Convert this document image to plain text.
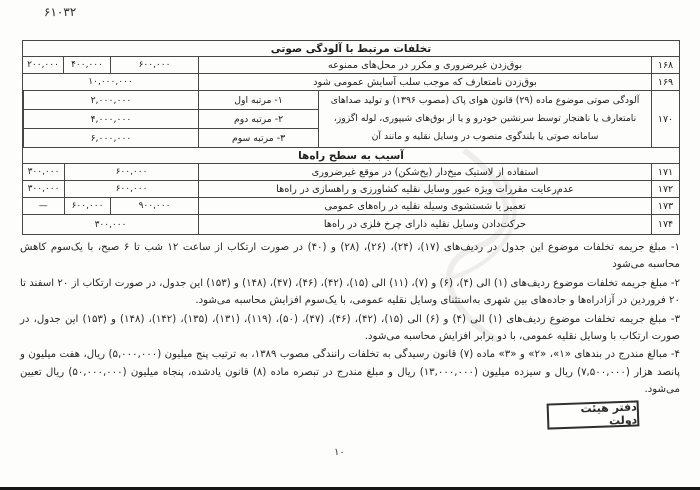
۶۱۰۳۲
تخلفات مرتبط با آلودگی صوتی
۱۶۸
بوق‌زدن غیرضروری و مکرر در محل‌های ممنوعه
۶۰۰,۰۰۰
۴۰۰,۰۰۰
۲۰۰,۰۰۰
۱۶۹
بوق‌زدن نامتعارف که موجب سلب آسایش عمومی شود
۱۰,۰۰۰,۰۰۰
۱۷۰
آلودگی صوتی موضوع ماده (۲۹) قانون هوای پاک (مصوب ۱۳۹۶) و تولید صداهای نامتعارف یا ناهنجار توسط سرنشین خودرو و یا از بوق‌های شیپوری، لوله اگزوز، سامانه صوتی یا بلندگوی منصوب در وسایل نقلیه و مانند آن
۱- مرتبه اول
۲- مرتبه دوم
۳- مرتبه سوم
۲,۰۰۰,۰۰۰
۴,۰۰۰,۰۰۰
۶,۰۰۰,۰۰۰
آسیب به سطح راه‌ها
۱۷۱
استفاده از لاستیک میخ‌دار (یخ‌شکن) در موقع غیرضروری
۶۰۰,۰۰۰
۳۰۰,۰۰۰
۱۷۲
عدم‌رعایت مقررات ویژه عبور وسایل نقلیه کشاورزی و راهسازی در راه‌ها
۶۰۰,۰۰۰
۳۰۰,۰۰۰
۱۷۳
تعمیر یا شستشوی وسیله نقلیه در راه‌های عمومی
۹۰۰,۰۰۰
۶۰۰,۰۰۰
—
۱۷۴
حرکت‌دادن وسایل نقلیه دارای چرخ فلزی در راه‌ها
۳۰۰,۰۰۰

۱- مبلغ جریمه تخلفات موضوع این جدول در ردیف‌های (۱۷)، (۲۴)، (۲۶)، (۲۸) و (۴۰) در صورت ارتکاب از ساعت ۱۲ شب تا ۶ صبح، با یک‌سوم کاهش محاسبه می‌شود

۲- مبلغ جریمه تخلفات موضوع ردیف‌های (۱) الی (۴)، (۶) و (۷)، (۱۱) الی (۱۵)، (۴۲)، (۴۶)، (۴۷)، (۱۴۸) و (۱۵۳) این جدول، در صورت ارتکاب از ۲۰ اسفند تا ۲۰ فروردین در آزادراه‌ها و جاده‌های بین شهری به‌استثنای وسایل نقلیه عمومی، با یک‌سوم افزایش محاسبه می‌شود.

۳- مبلغ جریمه تخلفات موضوع ردیف‌های (۱) الی (۴) و (۶) الی (۱۵)، (۴۲)، (۴۶)، (۴۷)، (۵۰)، (۱۱۹)، (۱۳۱)، (۱۳۵)، (۱۴۲)، (۱۴۸) و (۱۵۳) این جدول، در صورت ارتکاب با وسایل نقلیه عمومی، با دو برابر افزایش محاسبه می‌شود.

۴- مبالغ مندرج در بندهای «۱»، «۲» و «۳» ماده (۷) قانون رسیدگی به تخلفات رانندگی مصوب ۱۳۸۹، به ترتیب پنج میلیون (۵,۰۰۰,۰۰۰) ریال، هفت میلیون و پانصد هزار (۷,۵۰۰,۰۰۰) ریال و سیزده میلیون (۱۳,۰۰۰,۰۰۰) ریال و مبلغ مندرج در تبصره ماده (۸) قانون یادشده، پنجاه میلیون (۵۰,۰۰۰,۰۰۰) ریال تعیین می‌شود.

دفتر هیئت دولت
۱۰
